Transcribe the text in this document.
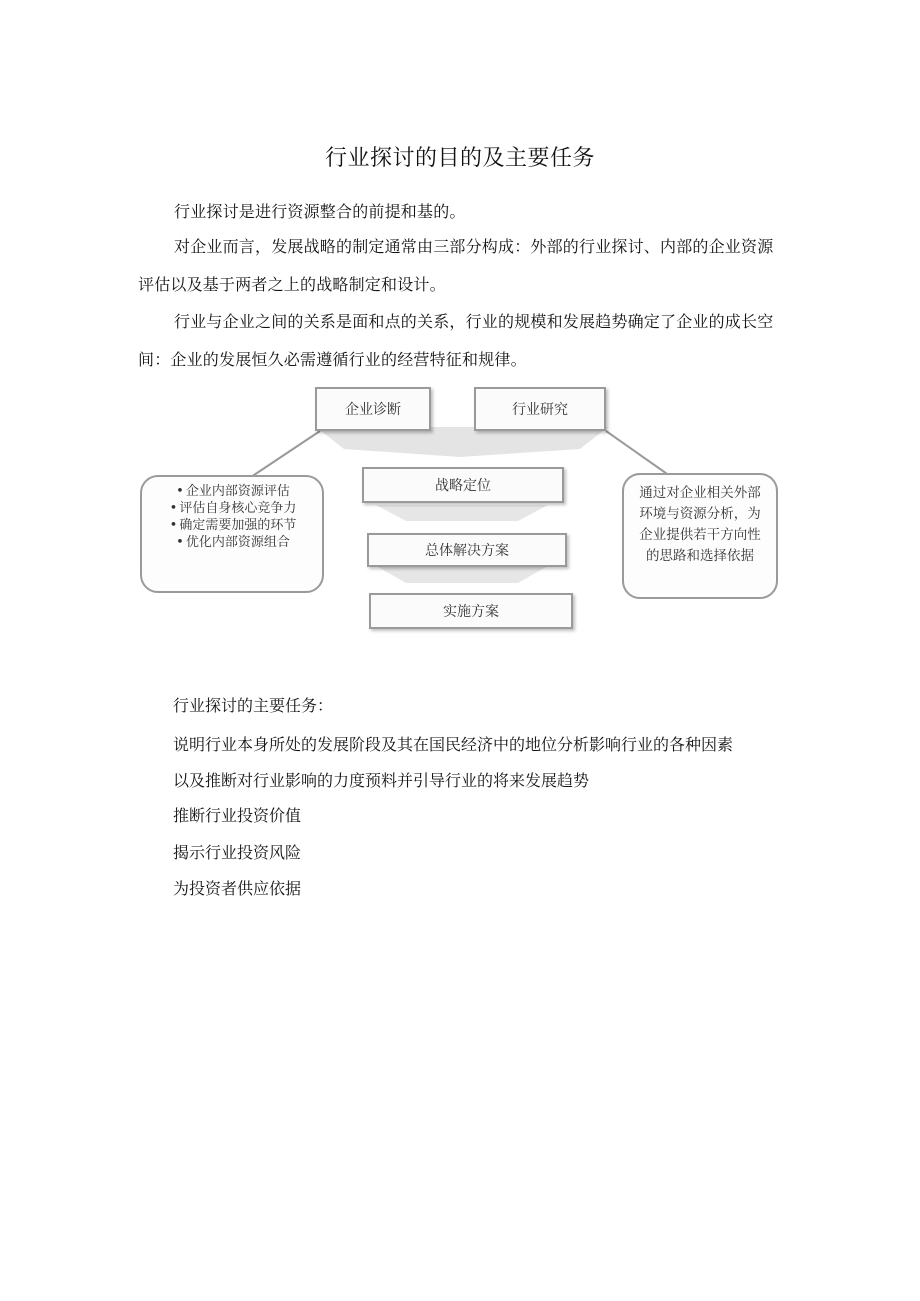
行业探讨的目的及主要任务
行业探讨是进行资源整合的前提和基的。
对企业而言，发展战略的制定通常由三部分构成：外部的行业探讨、内部的企业资源评估以及基于两者之上的战略制定和设计。
行业与企业之间的关系是面和点的关系，行业的规模和发展趋势确定了企业的成长空间：企业的发展恒久必需遵循行业的经营特征和规律。
企业诊断	行业研究
战略定位
总体解决方案
实施方案
• 企业内部资源评估
• 评估自身核心竞争力
• 确定需要加强的环节
• 优化内部资源组合
通过对企业相关外部环境与资源分析，为企业提供若干方向性的思路和选择依据
行业探讨的主要任务：
说明行业本身所处的发展阶段及其在国民经济中的地位分析影响行业的各种因素
以及推断对行业影响的力度预料并引导行业的将来发展趋势
推断行业投资价值
揭示行业投资风险
为投资者供应依据
